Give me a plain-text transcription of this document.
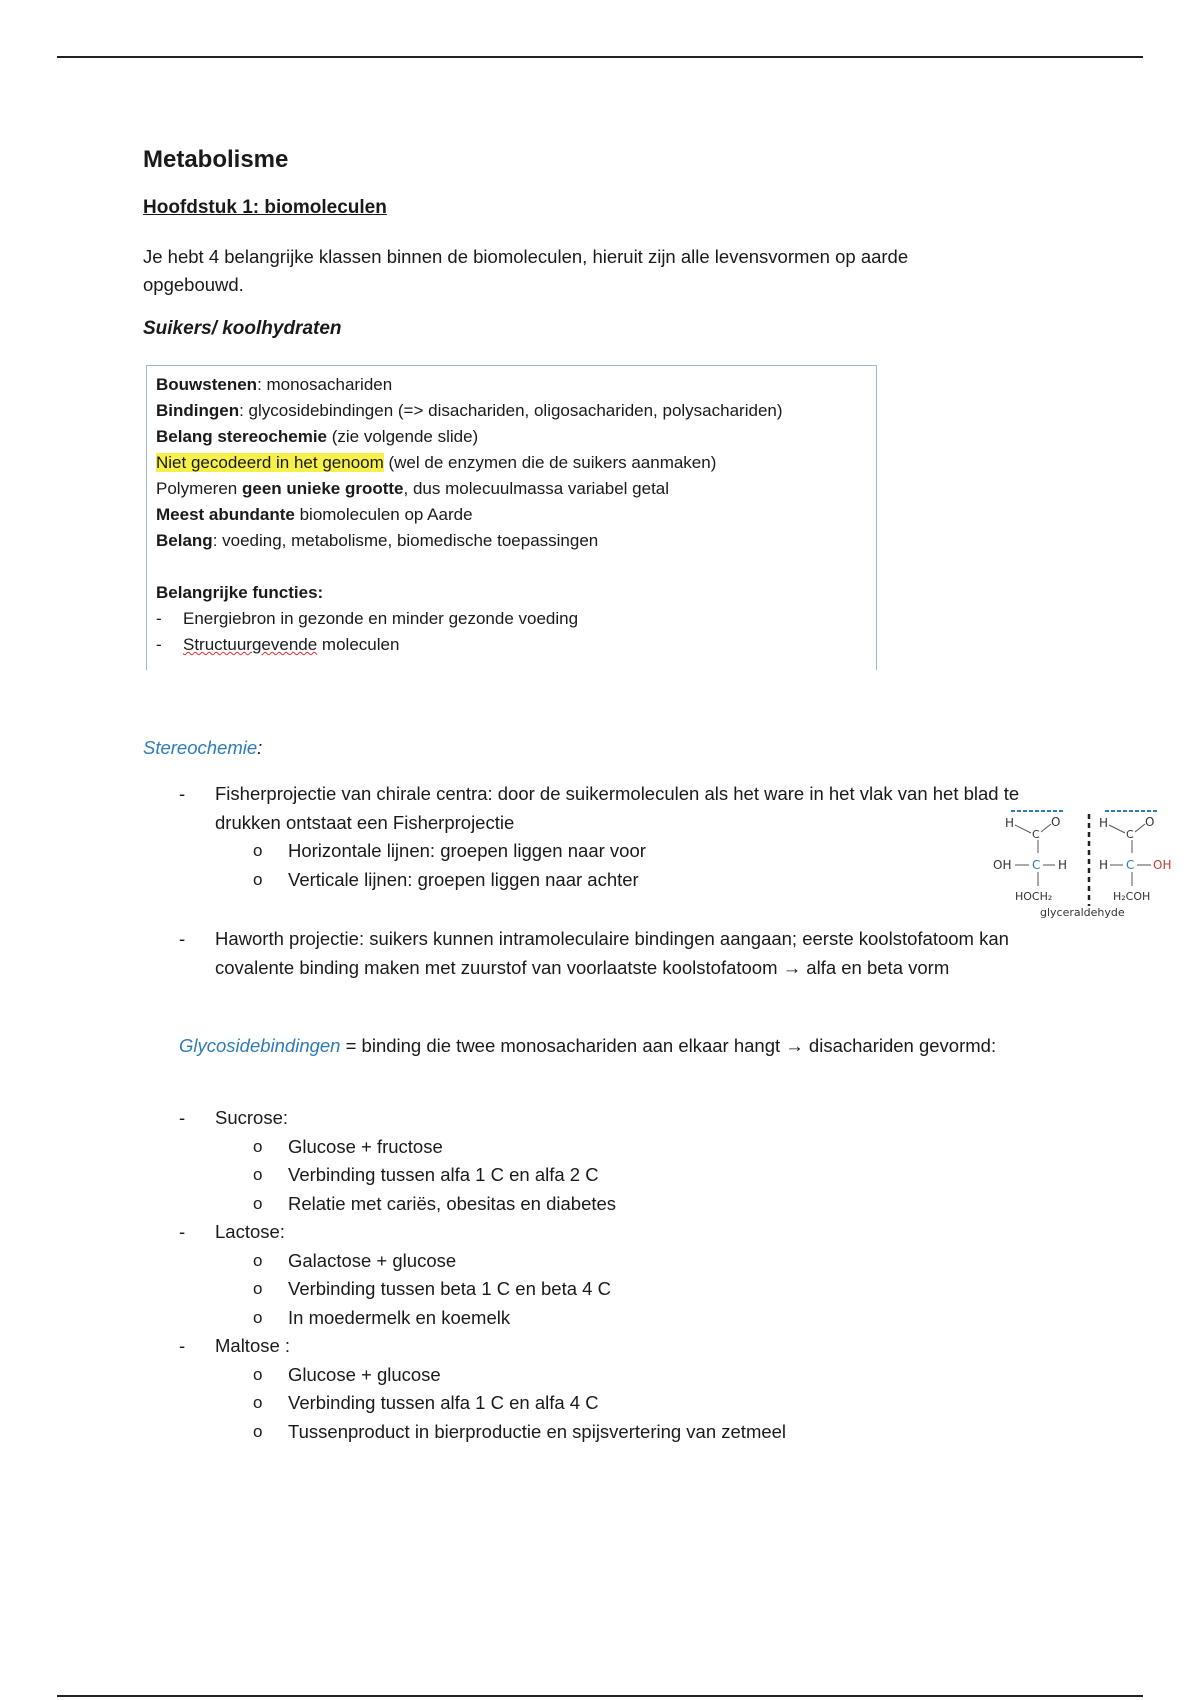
Metabolisme
Hoofdstuk 1: biomoleculen
Je hebt 4 belangrijke klassen binnen de biomoleculen, hieruit zijn alle levensvormen op aarde opgebouwd.
Suikers/ koolhydraten
Bouwstenen: monosachariden
Bindingen: glycosidebindingen (=> disachariden, oligosachariden, polysachariden)
Belang stereochemie (zie volgende slide)
Niet gecodeerd in het genoom (wel de enzymen die de suikers aanmaken)
Polymeren geen unieke grootte, dus molecuulmassa variabel getal
Meest abundante biomoleculen op Aarde
Belang: voeding, metabolisme, biomedische toepassingen
Belangrijke functies:
- Energiebron in gezonde en minder gezonde voeding
- Structuurgevende moleculen
Stereochemie:
- Fisherprojectie van chirale centra: door de suikermoleculen als het ware in het vlak van het blad te drukken ontstaat een Fisherprojectie
o Horizontale lijnen: groepen liggen naar voor
o Verticale lijnen: groepen liggen naar achter
- Haworth projectie: suikers kunnen intramoleculaire bindingen aangaan; eerste koolstofatoom kan covalente binding maken met zuurstof van voorlaatste koolstofatoom → alfa en beta vorm
Glycosidebindingen = binding die twee monosachariden aan elkaar hangt → disachariden gevormd:
- Sucrose:
o Glucose + fructose
o Verbinding tussen alfa 1 C en alfa 2 C
o Relatie met cariës, obesitas en diabetes
- Lactose:
o Galactose + glucose
o Verbinding tussen beta 1 C en beta 4 C
o In moedermelk en koemelk
- Maltose :
o Glucose + glucose
o Verbinding tussen alfa 1 C en alfa 4 C
o Tussenproduct in bierproductie en spijsvertering van zetmeel
H	O
C
OH C H
HOCH₂
H	O
C
H C OH
H₂COH
glyceraldehyde
